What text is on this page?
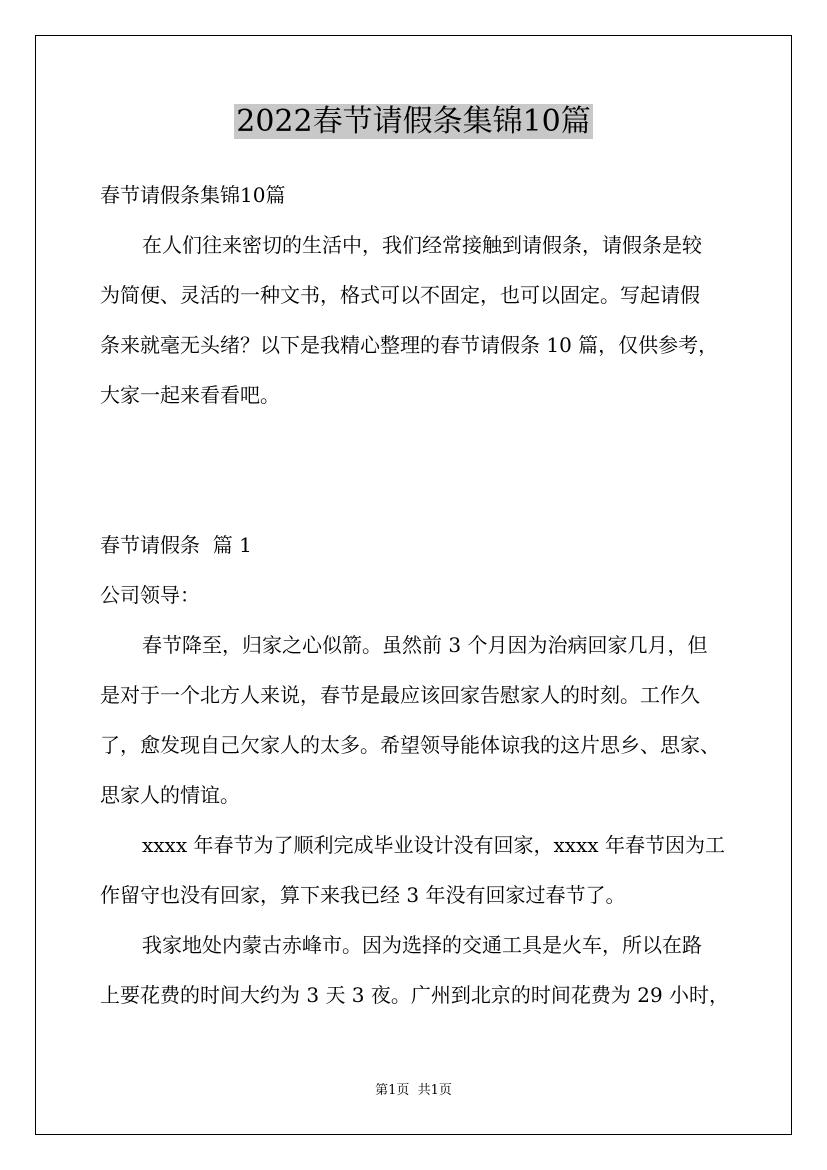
2022春节请假条集锦10篇
春节请假条集锦10篇
在人们往来密切的生活中，我们经常接触到请假条，请假条是较
为简便、灵活的一种文书，格式可以不固定，也可以固定。写起请假
条来就毫无头绪？以下是我精心整理的春节请假条 10 篇，仅供参考，
大家一起来看看吧。
春节请假条  篇 1
公司领导：
春节降至，归家之心似箭。虽然前 3 个月因为治病回家几月，但
是对于一个北方人来说，春节是最应该回家告慰家人的时刻。工作久
了，愈发现自己欠家人的太多。希望领导能体谅我的这片思乡、思家、
思家人的情谊。
xxxx 年春节为了顺利完成毕业设计没有回家，xxxx 年春节因为工
作留守也没有回家，算下来我已经 3 年没有回家过春节了。
我家地处内蒙古赤峰市。因为选择的交通工具是火车，所以在路
上要花费的时间大约为 3 天 3 夜。广州到北京的时间花费为 29 小时，
第1页  共1页
